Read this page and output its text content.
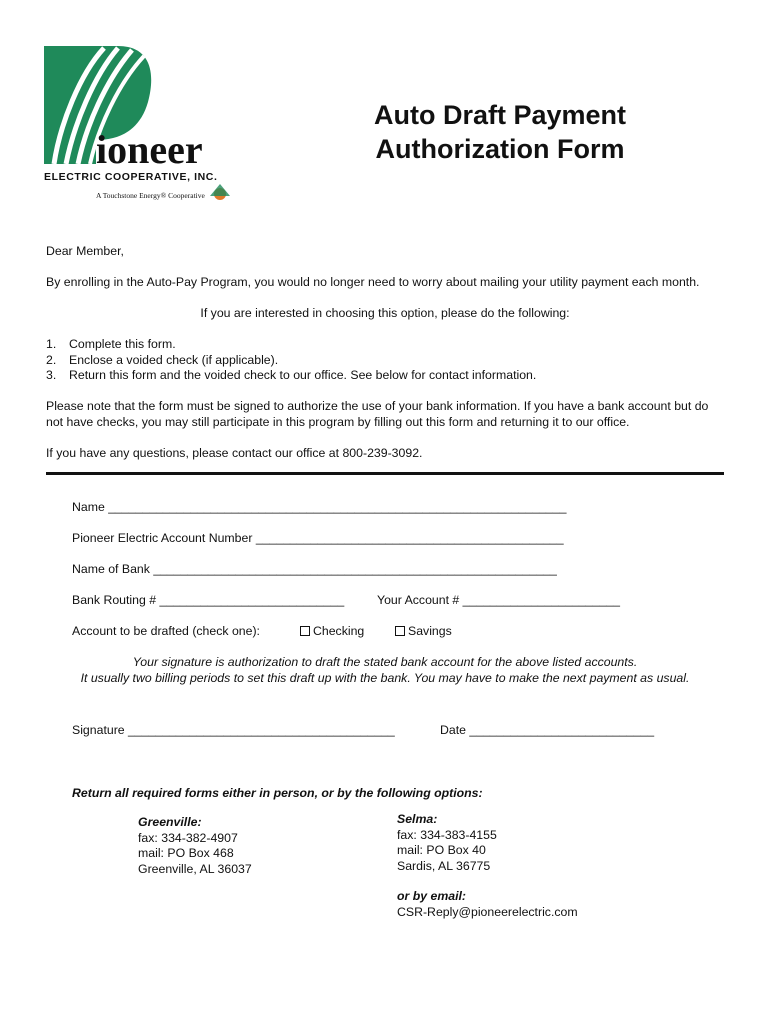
ioneer
ELECTRIC COOPERATIVE, INC.
A Touchstone Energy® Cooperative
Auto Draft Payment
Authorization Form
Dear Member,
By enrolling in the Auto-Pay Program, you would no longer need to worry about mailing your utility payment each month.
If you are interested in choosing this option, please do the following:
1.	Complete this form.
2.	Enclose a voided check (if applicable).
3.	Return this form and the voided check to our office. See below for contact information.
Please note that the form must be signed to authorize the use of your bank information. If you have a bank account but do
not have checks, you may still participate in this program by filling out this form and returning it to our office.
If you have any questions, please contact our office at 800-239-3092.
Name ___________________________________________________________________
Pioneer Electric Account Number _____________________________________________
Name of Bank ___________________________________________________________
Bank Routing # ___________________________	Your Account # _______________________
Account to be drafted (check one):	Checking	Savings
Your signature is authorization to draft the stated bank account for the above listed accounts.
It usually two billing periods to set this draft up with the bank. You may have to make the next payment as usual.
Signature _______________________________________	Date ___________________________
Return all required forms either in person, or by the following options:
Greenville:
fax: 334-382-4907
mail: PO Box 468
Greenville, AL 36037
Selma:
fax: 334-383-4155
mail: PO Box 40
Sardis, AL 36775
or by email:
CSR-Reply@pioneerelectric.com
